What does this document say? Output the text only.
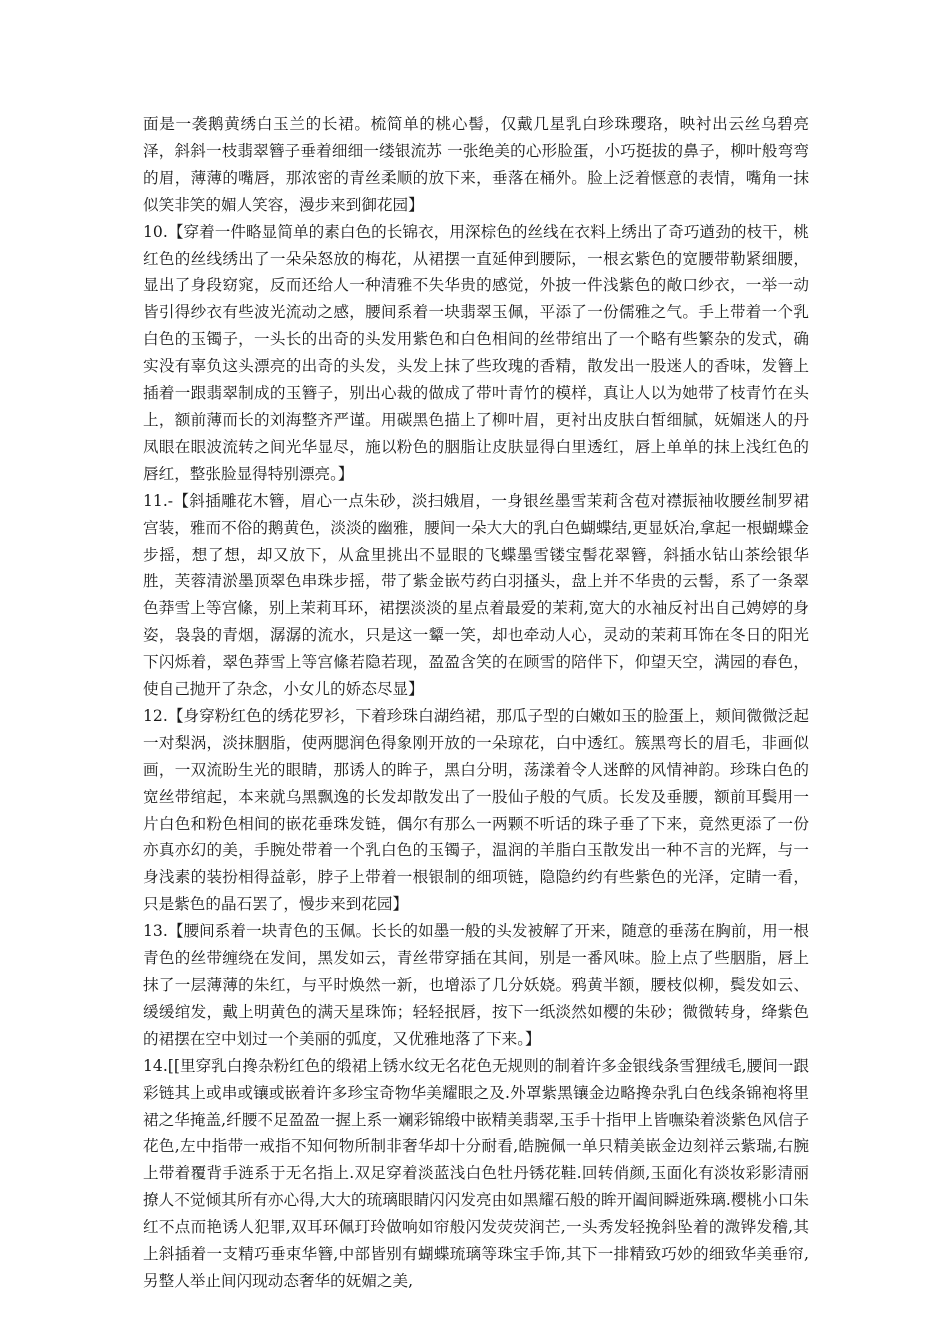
面是一袭鹅黄绣白玉兰的长裙。梳简单的桃心髻，仅戴几星乳白珍珠瓔珞，映衬出云丝乌碧亮泽，斜斜一枝翡翠簪子垂着细细一缕银流苏 一张绝美的心形脸蛋，小巧挺拔的鼻子，柳叶般弯弯的眉，薄薄的嘴唇，那浓密的青丝柔顺的放下来，垂落在桶外。脸上泛着惬意的表情，嘴角一抹似笑非笑的媚人笑容，漫步来到御花园】

10.【穿着一件略显简单的素白色的长锦衣，用深棕色的丝线在衣料上绣出了奇巧遒劲的枝干，桃红色的丝线绣出了一朵朵怒放的梅花，从裙摆一直延伸到腰际，一根玄紫色的宽腰带勒紧细腰，显出了身段窈窕，反而还给人一种清雅不失华贵的感觉，外披一件浅紫色的敞口纱衣，一举一动皆引得纱衣有些波光流动之感，腰间系着一块翡翠玉佩，平添了一份儒雅之气。手上带着一个乳白色的玉镯子，一头长的出奇的头发用紫色和白色相间的丝带绾出了一个略有些繁杂的发式，确实没有辜负这头漂亮的出奇的头发，头发上抹了些玫瑰的香精，散发出一股迷人的香味，发簪上插着一跟翡翠制成的玉簪子，别出心裁的做成了带叶青竹的模样，真让人以为她带了枝青竹在头上，额前薄而长的刘海整齐严谨。用碳黑色描上了柳叶眉，更衬出皮肤白皙细腻，妩媚迷人的丹凤眼在眼波流转之间光华显尽，施以粉色的胭脂让皮肤显得白里透红，唇上单单的抹上浅红色的唇红，整张脸显得特别漂亮。】

11.-【斜插雕花木簪，眉心一点朱砂，淡扫娥眉，一身银丝墨雪茉莉含苞对襟振袖收腰丝制罗裙宫装，雅而不俗的鹅黄色，淡淡的幽雅，腰间一朵大大的乳白色蝴蝶结,更显妖冶,拿起一根蝴蝶金步摇，想了想，却又放下，从盒里挑出不显眼的飞蝶墨雪镂宝髻花翠簪，斜插水钻山茶绘银华胜，芙蓉清淤墨顶翠色串珠步摇，带了紫金嵌芍药白羽搔头，盘上并不华贵的云髻，系了一条翠色莽雪上等宫絛，别上茉莉耳环，裙摆淡淡的星点着最爱的茉莉,宽大的水袖反衬出自己娉婷的身姿，袅袅的青烟，潺潺的流水，只是这一颦一笑，却也牵动人心，灵动的茉莉耳饰在冬日的阳光下闪烁着，翠色莽雪上等宫絛若隐若现，盈盈含笑的在顾雪的陪伴下，仰望天空，满园的春色，使自己抛开了杂念，小女儿的娇态尽显】

12.【身穿粉红色的绣花罗衫，下着珍珠白湖绉裙，那瓜子型的白嫩如玉的脸蛋上，颊间微微泛起一对梨涡，淡抹胭脂，使两腮润色得象刚开放的一朵琼花，白中透红。簇黑弯长的眉毛，非画似画，一双流盼生光的眼睛，那诱人的眸子，黑白分明，荡漾着令人迷醉的风情神韵。珍珠白色的宽丝带绾起，本来就乌黑飘逸的长发却散发出了一股仙子般的气质。长发及垂腰，额前耳鬓用一片白色和粉色相间的嵌花垂珠发链，偶尔有那么一两颗不听话的珠子垂了下来，竟然更添了一份亦真亦幻的美，手腕处带着一个乳白色的玉镯子，温润的羊脂白玉散发出一种不言的光辉，与一身浅素的装扮相得益彰，脖子上带着一根银制的细项链，隐隐约约有些紫色的光泽，定睛一看，只是紫色的晶石罢了，慢步来到花园】

13.【腰间系着一块青色的玉佩。长长的如墨一般的头发被解了开来，随意的垂荡在胸前，用一根青色的丝带缠绕在发间，黑发如云，青丝带穿插在其间，别是一番风味。脸上点了些胭脂，唇上抹了一层薄薄的朱红，与平时焕然一新，也增添了几分妖娆。鸦黄半额，腰枝似柳，鬓发如云、缓缓绾发，戴上明黄色的满天星珠饰；轻轻抿唇，按下一纸淡然如樱的朱砂；微微转身，绛紫色的裙摆在空中划过一个美丽的弧度，又优雅地落了下来。】

14.[[里穿乳白搀杂粉红色的缎裙上锈水纹无名花色无规则的制着许多金银线条雪狸绒毛,腰间一跟彩链其上或串或镶或嵌着许多珍宝奇物华美耀眼之及.外罩紫黑镶金边略搀杂乳白色线条锦袍将里裙之华掩盖,纤腰不足盈盈一握上系一斓彩锦缎中嵌精美翡翠,玉手十指甲上皆嘸染着淡紫色风信子花色,左中指带一戒指不知何物所制非奢华却十分耐看,皓腕佩一单只精美嵌金边刻祥云紫瑞,右腕上带着覆背手涟系于无名指上.双足穿着淡蓝浅白色牡丹锈花鞋.回转俏颜,玉面化有淡妆彩影清丽撩人不觉倾其所有亦心得,大大的琉璃眼睛闪闪发亮由如黑耀石般的眸开阖间瞬逝殊璃.樱桃小口朱红不点而艳诱人犯罪,双耳环佩玎玲做响如帘般闪发荧荧润芒,一头秀发轻挽斜坠着的溦铧发稽,其上斜插着一支精巧垂束华簪,中部皆别有蝴蝶琉璃等珠宝手饰,其下一排精致巧妙的细致华美垂帘,另整人举止间闪现动态奢华的妩媚之美,
